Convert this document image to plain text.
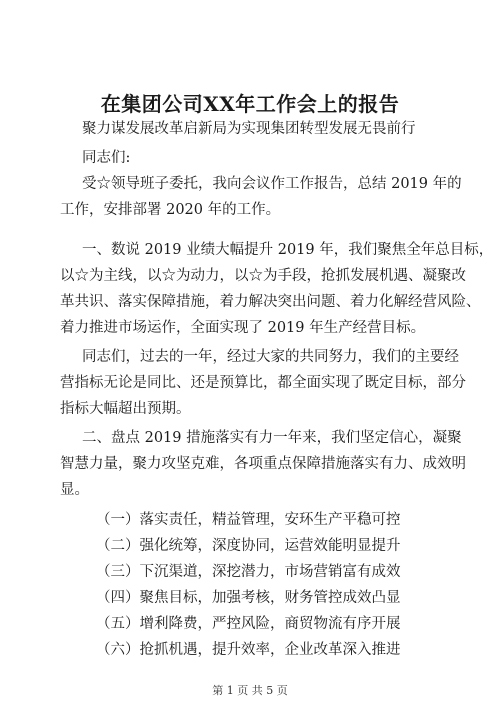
在集团公司XX年工作会上的报告
聚力谋发展改革启新局为实现集团转型发展无畏前行
同志们:
受☆领导班子委托，我向会议作工作报告，总结 2019 年的
工作，安排部署 2020 年的工作。
一、数说 2019 业绩大幅提升 2019 年，我们聚焦全年总目标，
以☆为主线，以☆为动力，以☆为手段，抢抓发展机遇、凝聚改
革共识、落实保障措施，着力解决突出问题、着力化解经营风险、
着力推进市场运作，全面实现了 2019 年生产经营目标。
同志们，过去的一年，经过大家的共同努力，我们的主要经
营指标无论是同比、还是预算比，都全面实现了既定目标，部分
指标大幅超出预期。
二、盘点 2019 措施落实有力一年来，我们坚定信心，凝聚
智慧力量，聚力攻坚克难，各项重点保障措施落实有力、成效明
显。
（一）落实责任，精益管理，安环生产平稳可控
（二）强化统筹，深度协同，运营效能明显提升
（三）下沉渠道，深挖潜力，市场营销富有成效
（四）聚焦目标，加强考核，财务管控成效凸显
（五）增利降费，严控风险，商贸物流有序开展
（六）抢抓机遇，提升效率，企业改革深入推进
第 1 页 共 5 页
